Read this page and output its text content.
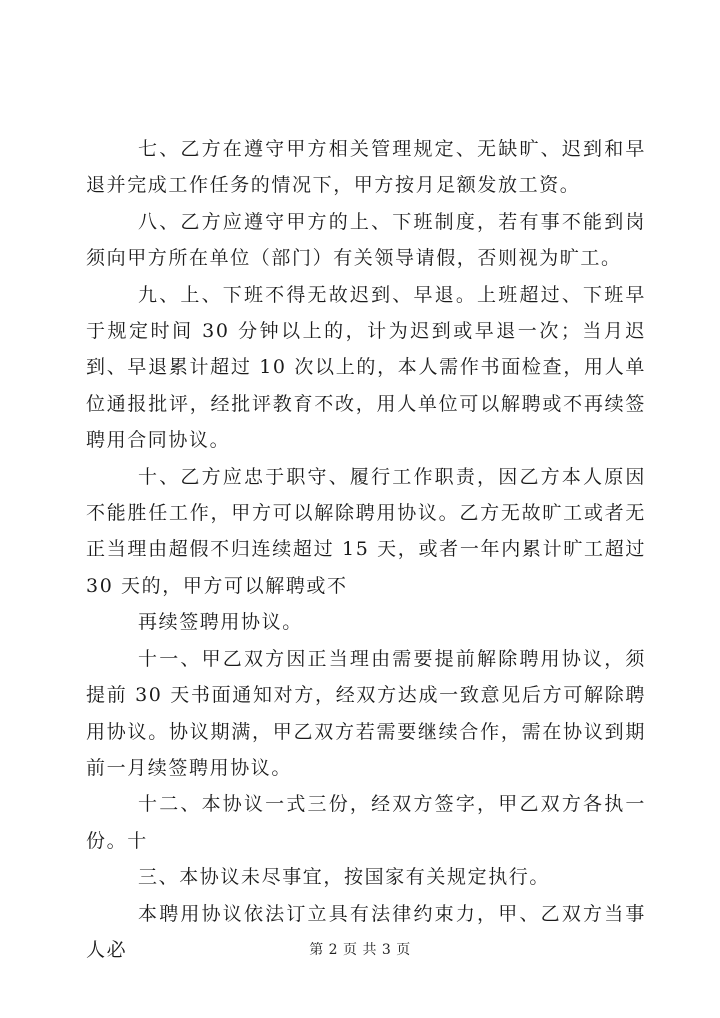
七、乙方在遵守甲方相关管理规定、无缺旷、迟到和早退并完成工作任务的情况下，甲方按月足额发放工资。

八、乙方应遵守甲方的上、下班制度，若有事不能到岗须向甲方所在单位（部门）有关领导请假，否则视为旷工。

九、上、下班不得无故迟到、早退。上班超过、下班早于规定时间 30 分钟以上的，计为迟到或早退一次；当月迟到、早退累计超过 10 次以上的，本人需作书面检查，用人单位通报批评，经批评教育不改，用人单位可以解聘或不再续签聘用合同协议。

十、乙方应忠于职守、履行工作职责，因乙方本人原因不能胜任工作，甲方可以解除聘用协议。乙方无故旷工或者无正当理由超假不归连续超过 15 天，或者一年内累计旷工超过 30 天的，甲方可以解聘或不

再续签聘用协议。

十一、甲乙双方因正当理由需要提前解除聘用协议，须提前 30 天书面通知对方，经双方达成一致意见后方可解除聘用协议。协议期满，甲乙双方若需要继续合作，需在协议到期前一月续签聘用协议。

十二、本协议一式三份，经双方签字，甲乙双方各执一份。十

三、本协议未尽事宜，按国家有关规定执行。

本聘用协议依法订立具有法律约束力，甲、乙双方当事人必	第 2 页 共 3 页
